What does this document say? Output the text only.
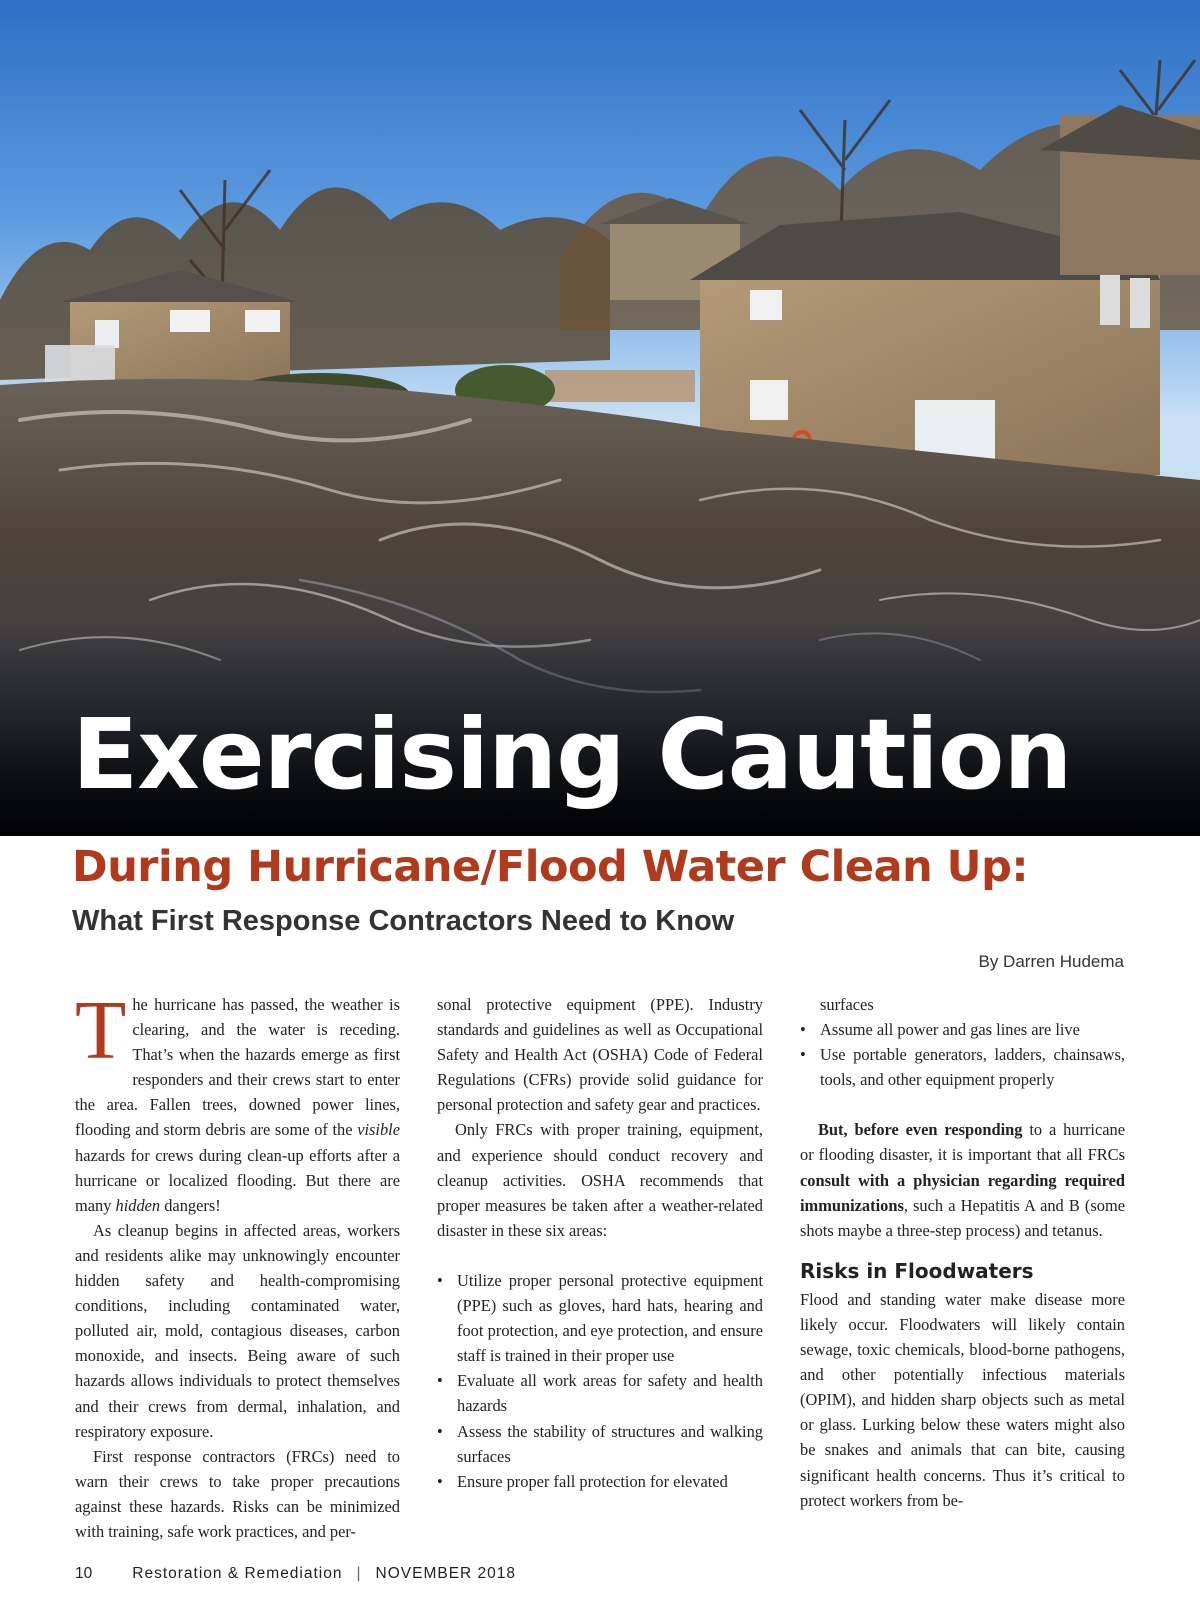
Exercising Caution
During Hurricane/Flood Water Clean Up:
What First Response Contractors Need to Know
By Darren Hudema

The hurricane has passed, the weather is clearing, and the water is receding. That’s when the hazards emerge as first responders and their crews start to enter the area. Fallen trees, downed power lines, flooding and storm debris are some of the visible hazards for crews during clean-up efforts after a hurricane or localized flooding. But there are many hidden dangers!

As cleanup begins in affected areas, workers and residents alike may unknowingly encounter hidden safety and health-compromising conditions, including contaminated water, polluted air, mold, contagious diseases, carbon monoxide, and insects. Being aware of such hazards allows individuals to protect themselves and their crews from dermal, inhalation, and respiratory exposure.

First response contractors (FRCs) need to warn their crews to take proper precautions against these hazards. Risks can be minimized with training, safe work practices, and per-

sonal protective equipment (PPE). Industry standards and guidelines as well as Occupational Safety and Health Act (OSHA) Code of Federal Regulations (CFRs) provide solid guidance for personal protection and safety gear and practices.

Only FRCs with proper training, equipment, and experience should conduct recovery and cleanup activities. OSHA recommends that proper measures be taken after a weather-related disaster in these six areas:

• Utilize proper personal protective equipment (PPE) such as gloves, hard hats, hearing and foot protection, and eye protection, and ensure staff is trained in their proper use
• Evaluate all work areas for safety and health hazards
• Assess the stability of structures and walking surfaces
• Ensure proper fall protection for elevated
surfaces
• Assume all power and gas lines are live
• Use portable generators, ladders, chainsaws, tools, and other equipment properly

But, before even responding to a hurricane or flooding disaster, it is important that all FRCs consult with a physician regarding required immunizations, such a Hepatitis A and B (some shots maybe a three-step process) and tetanus.

Risks in Floodwaters

Flood and standing water make disease more likely occur. Floodwaters will likely contain sewage, toxic chemicals, blood-borne pathogens, and other potentially infectious materials (OPIM), and hidden sharp objects such as metal or glass. Lurking below these waters might also be snakes and animals that can bite, causing significant health concerns. Thus it’s critical to protect workers from be-

10	Restoration & Remediation | NOVEMBER 2018
